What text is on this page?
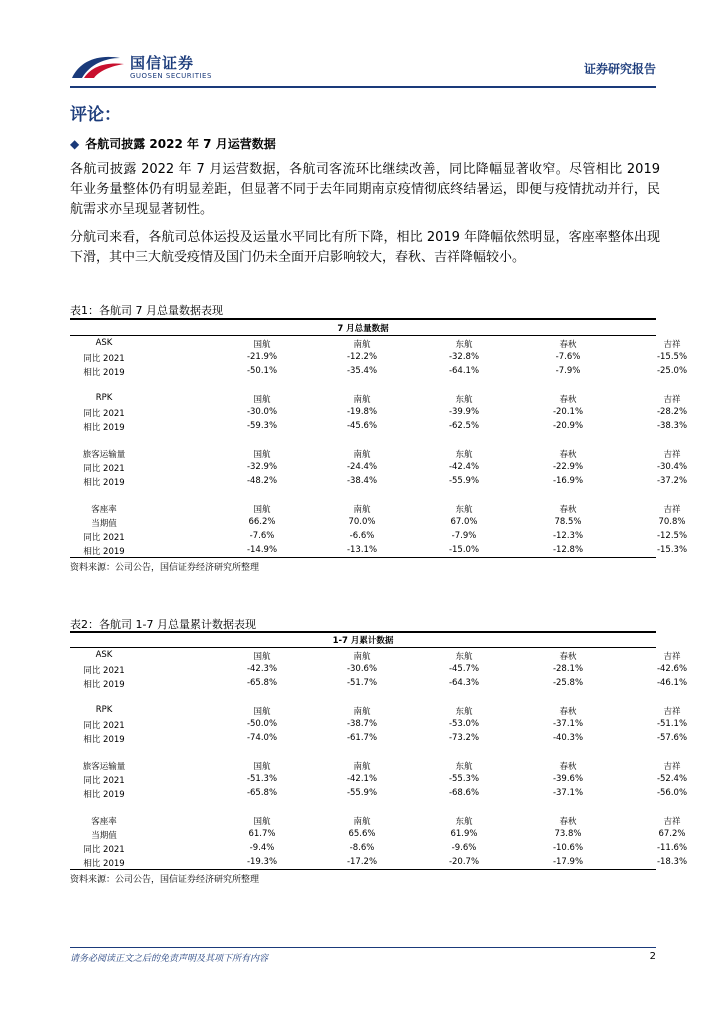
国信证券
GUOSEN SECURITIES	证券研究报告
评论：
◆ 各航司披露 2022 年 7 月运营数据
各航司披露 2022 年 7 月运营数据，各航司客流环比继续改善，同比降幅显著收窄。尽管相比 2019 年业务量整体仍有明显差距，但显著不同于去年同期南京疫情彻底终结暑运，即便与疫情扰动并行，民航需求亦呈现显著韧性。
分航司来看，各航司总体运投及运量水平同比有所下降，相比 2019 年降幅依然明显，客座率整体出现下滑，其中三大航受疫情及国门仍未全面开启影响较大，春秋、吉祥降幅较小。
表1：各航司 7 月总量数据表现
7 月总量数据
ASK	国航	南航	东航	春秋	吉祥
同比 2021	-21.9%	-12.2%	-32.8%	-7.6%	-15.5%
相比 2019	-50.1%	-35.4%	-64.1%	-7.9%	-25.0%
RPK	国航	南航	东航	春秋	吉祥
同比 2021	-30.0%	-19.8%	-39.9%	-20.1%	-28.2%
相比 2019	-59.3%	-45.6%	-62.5%	-20.9%	-38.3%
旅客运输量	国航	南航	东航	春秋	吉祥
同比 2021	-32.9%	-24.4%	-42.4%	-22.9%	-30.4%
相比 2019	-48.2%	-38.4%	-55.9%	-16.9%	-37.2%
客座率	国航	南航	东航	春秋	吉祥
当期值	66.2%	70.0%	67.0%	78.5%	70.8%
同比 2021	-7.6%	-6.6%	-7.9%	-12.3%	-12.5%
相比 2019	-14.9%	-13.1%	-15.0%	-12.8%	-15.3%
资料来源：公司公告，国信证券经济研究所整理
表2：各航司 1-7 月总量累计数据表现
1-7 月累计数据
ASK	国航	南航	东航	春秋	吉祥
同比 2021	-42.3%	-30.6%	-45.7%	-28.1%	-42.6%
相比 2019	-65.8%	-51.7%	-64.3%	-25.8%	-46.1%
RPK	国航	南航	东航	春秋	吉祥
同比 2021	-50.0%	-38.7%	-53.0%	-37.1%	-51.1%
相比 2019	-74.0%	-61.7%	-73.2%	-40.3%	-57.6%
旅客运输量	国航	南航	东航	春秋	吉祥
同比 2021	-51.3%	-42.1%	-55.3%	-39.6%	-52.4%
相比 2019	-65.8%	-55.9%	-68.6%	-37.1%	-56.0%
客座率	国航	南航	东航	春秋	吉祥
当期值	61.7%	65.6%	61.9%	73.8%	67.2%
同比 2021	-9.4%	-8.6%	-9.6%	-10.6%	-11.6%
相比 2019	-19.3%	-17.2%	-20.7%	-17.9%	-18.3%
资料来源：公司公告，国信证券经济研究所整理
请务必阅读正文之后的免责声明及其项下所有内容	2
